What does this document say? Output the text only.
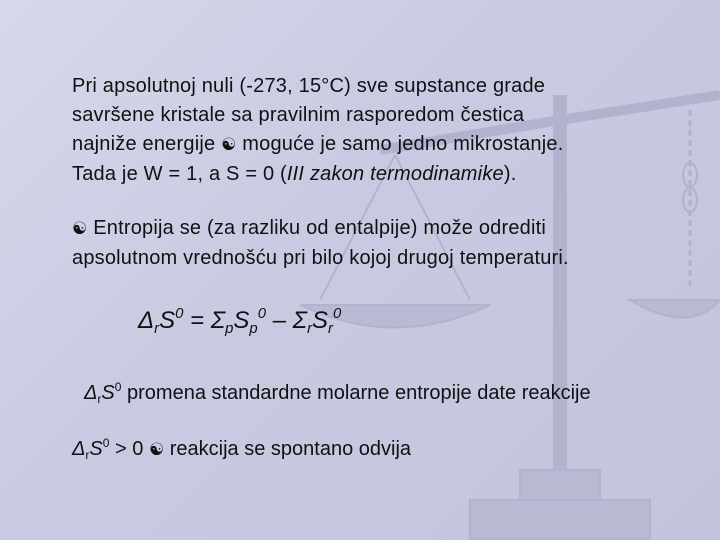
Pri apsolutnoj nuli (-273, 15°C) sve supstance grade
savršene kristale sa pravilnim rasporedom čestica
najniže energije ☯ moguće je samo jedno mikrostanje.
Tada je W = 1, a S = 0 (III zakon termodinamike).
☯ Entropija se (za razliku od entalpije) može odrediti
apsolutnom vrednošću pri bilo kojoj drugoj temperaturi.
$\Delta_rS^0 = \Sigma_pS_p^0 - \Sigma_rS_r^0$
$\Delta_rS^0$ promena standardne molarne entropije date reakcije
$\Delta_rS^0 > 0$ ☯ reakcija se spontano odvija
